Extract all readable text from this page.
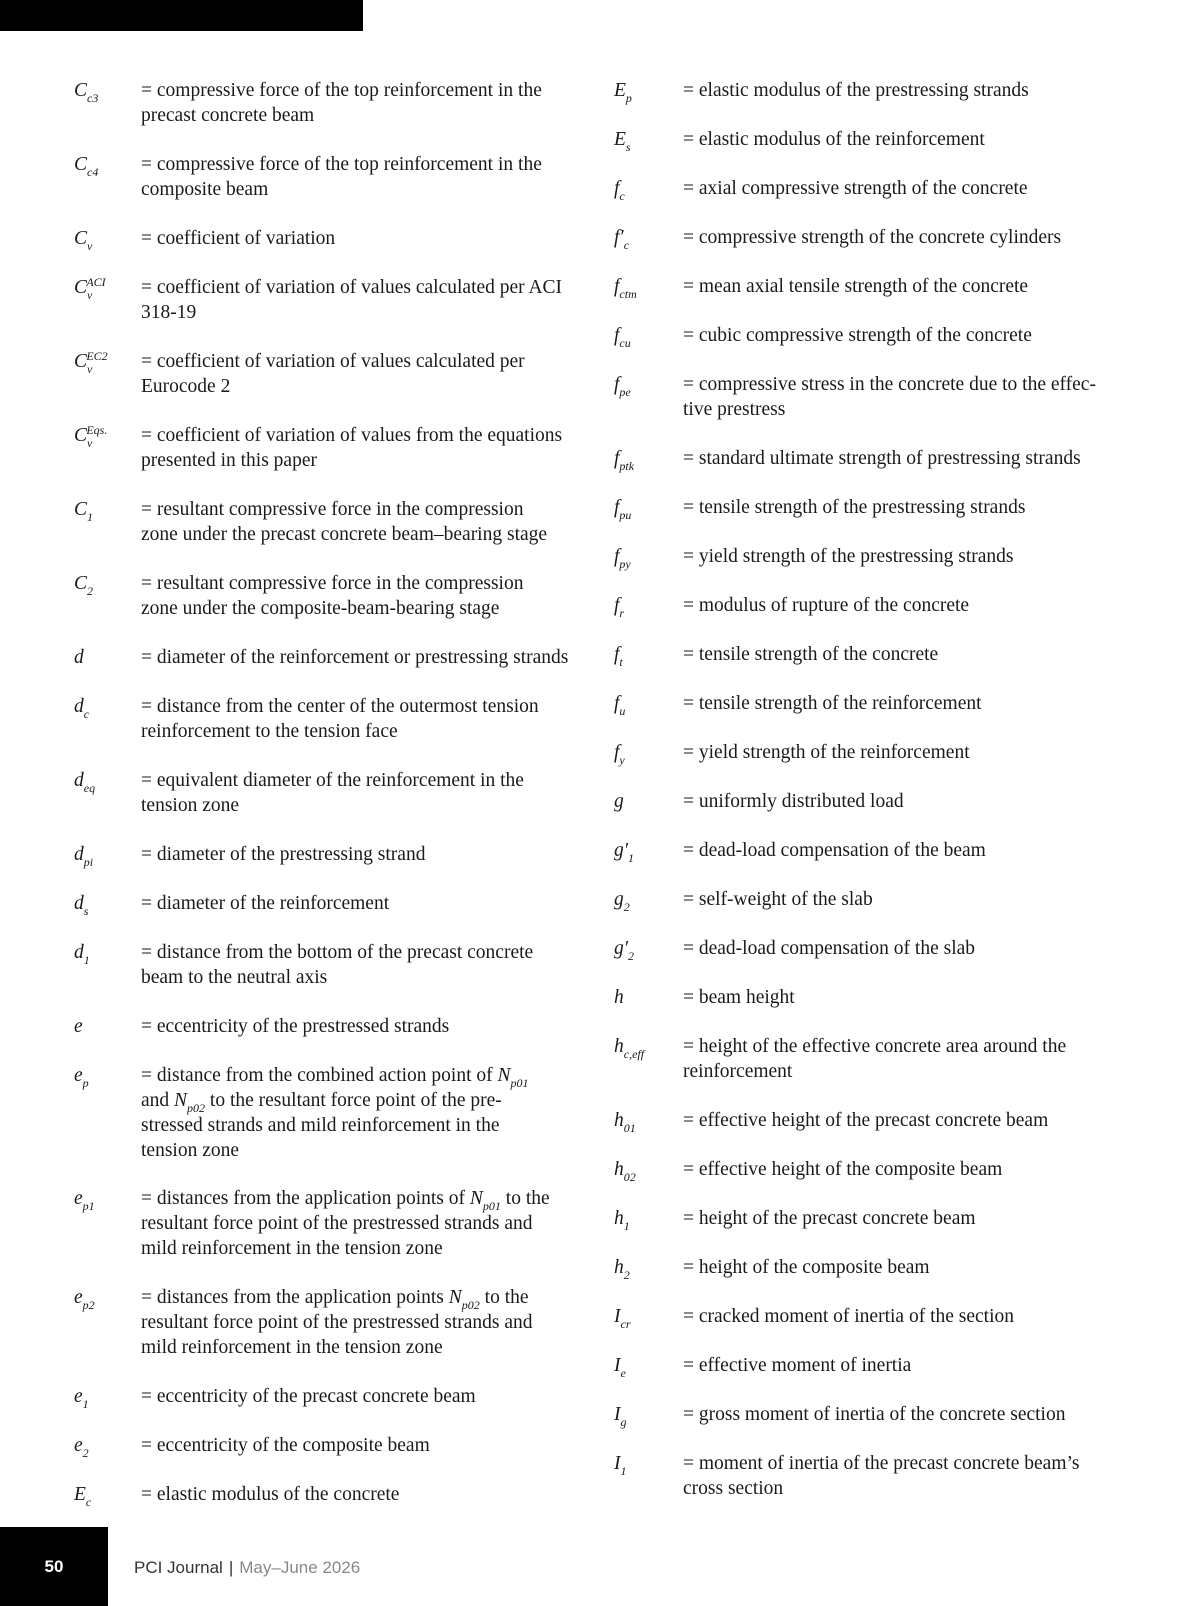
$C_{c3}$ = compressive force of the top reinforcement in the
precast concrete beam
$C_{c4}$ = compressive force of the top reinforcement in the
composite beam
$C_v$ = coefficient of variation
$C_v^{ACI}$ = coefficient of variation of values calculated per ACI
318-19
$C_v^{EC2}$ = coefficient of variation of values calculated per
Eurocode 2
$C_v^{Eqs.}$ = coefficient of variation of values from the equations
presented in this paper
$C_1$ = resultant compressive force in the compression
zone under the precast concrete beam–bearing stage
$C_2$ = resultant compressive force in the compression
zone under the composite-beam-bearing stage
d	= diameter of the reinforcement or prestressing strands
$d_c$	= distance from the center of the outermost tension
reinforcement to the tension face
$d_{eq}$ = equivalent diameter of the reinforcement in the
tension zone
$d_{pi}$ = diameter of the prestressing strand
$d_s$	= diameter of the reinforcement
$d_1$	= distance from the bottom of the precast concrete
beam to the neutral axis
e	= eccentricity of the prestressed strands
$e_p$	= distance from the combined action point of $N_{p01}$
and $N_{p02}$ to the resultant force point of the pre-
stressed strands and mild reinforcement in the
tension zone
$e_{p1}$ = distances from the application points of $N_{p01}$ to the
resultant force point of the prestressed strands and
mild reinforcement in the tension zone
$e_{p2}$ = distances from the application points $N_{p02}$ to the
resultant force point of the prestressed strands and
mild reinforcement in the tension zone
$e_1$	= eccentricity of the precast concrete beam
$e_2$	= eccentricity of the composite beam
$E_c$	= elastic modulus of the concrete
$E_p$	= elastic modulus of the prestressing strands
$E_s$	= elastic modulus of the reinforcement
$f_c$	= axial compressive strength of the concrete
$f'_c$	= compressive strength of the concrete cylinders
$f_{ctm}$ = mean axial tensile strength of the concrete
$f_{cu}$	= cubic compressive strength of the concrete
$f_{pe}$	= compressive stress in the concrete due to the effec-
tive prestress
$f_{ptk}$	= standard ultimate strength of prestressing strands
$f_{pu}$	= tensile strength of the prestressing strands
$f_{py}$	= yield strength of the prestressing strands
$f_r$	= modulus of rupture of the concrete
$f_t$	= tensile strength of the concrete
$f_u$	= tensile strength of the reinforcement
$f_y$	= yield strength of the reinforcement
g	= uniformly distributed load
$g'_1$	= dead-load compensation of the beam
$g_2$	= self-weight of the slab
$g'_2$	= dead-load compensation of the slab
h	= beam height
$h_{c,eff}$ = height of the effective concrete area around the
reinforcement
$h_{01}$ = effective height of the precast concrete beam
$h_{02}$ = effective height of the composite beam
$h_1$	= height of the precast concrete beam
$h_2$	= height of the composite beam
$I_{cr}$	= cracked moment of inertia of the section
$I_e$	= effective moment of inertia
$I_g$	= gross moment of inertia of the concrete section
$I_1$	= moment of inertia of the precast concrete beam’s
cross section
50	PCI Journal | May–June 2026
